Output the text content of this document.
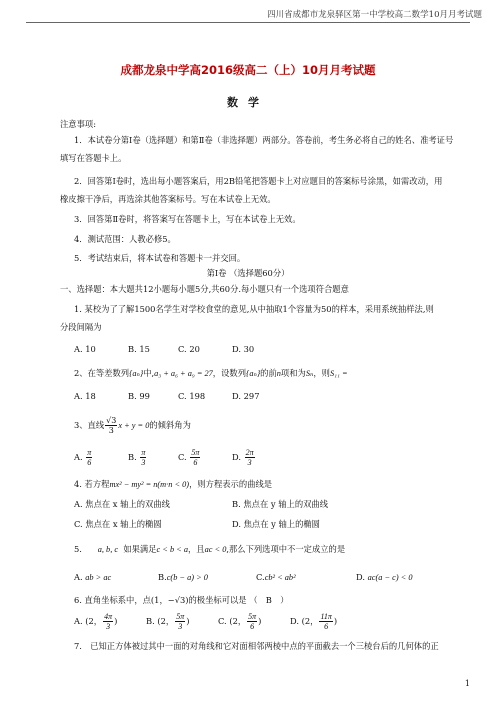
四川省成都市龙泉驿区第一中学校高二数学10月月考试题
成都龙泉中学高2016级高二（上）10月月考试题
数学
注意事项:
1．本试卷分第Ⅰ卷（选择题）和第Ⅱ卷（非选择题）两部分。答卷前，考生务必将自己的姓名、准考证号
填写在答题卡上。
2．回答第Ⅰ卷时，选出每小题答案后，用2B铅笔把答题卡上对应题目的答案标号涂黑，如需改动，用
橡皮擦干净后，再选涂其他答案标号。写在本试卷上无效。
3．回答第Ⅱ卷时，将答案写在答题卡上，写在本试卷上无效。
4．测试范围：人教必修5。
5．考试结束后，将本试卷和答题卡一并交回。
第Ⅰ卷 （选择题60分）
一、选择题：本大题共12小题每小题5分,共60分.每小题只有一个选项符合题意
1. 某校为了了解1500名学生对学校食堂的意见,从中抽取1个容量为50的样本，采用系统抽样法,则
分段间隔为
A. 10	B. 15	C. 20	D. 30
2、在等差数列{aₙ}中,a₃ + a₆ + a₉ = 27，设数列{aₙ}的前n项和为Sₙ，则S₁₁ =
A. 18	B. 99	C. 198	D. 297
3、直线 $\frac{√3}{3}$ x + y = 0的倾斜角为
A. $\frac{\pi}{6}$	B. $\frac{\pi}{3}$	C. $\frac{5\pi}{6}$	D. $\frac{2\pi}{3}$
4. 若方程mx² − my² = n(m·n < 0)，则方程表示的曲线是
A. 焦点在 x 轴上的双曲线	B. 焦点在 y 轴上的双曲线
C. 焦点在 x 轴上的椭圆	D. 焦点在 y 轴上的椭圆
5. a, b, c 如果满足c < b < a，且ac < 0,那么下列选项中不一定成立的是
A. ab > ac	B.c(b − a) > 0	C.cb² < ab²	D. ac(a − c) < 0
6. 直角坐标系中，点(1，−√3)的极坐标可以是 （　B　）
A. (2， $\frac{4\pi}{3}$ )	B. (2， $\frac{5\pi}{3}$ )	C. (2， $\frac{5\pi}{6}$ )	D. (2， $\frac{11\pi}{6}$ )
7.　已知正方体被过其中一面的对角线和它对面相邻两棱中点的平面截去一个三棱台后的几何体的正
1
